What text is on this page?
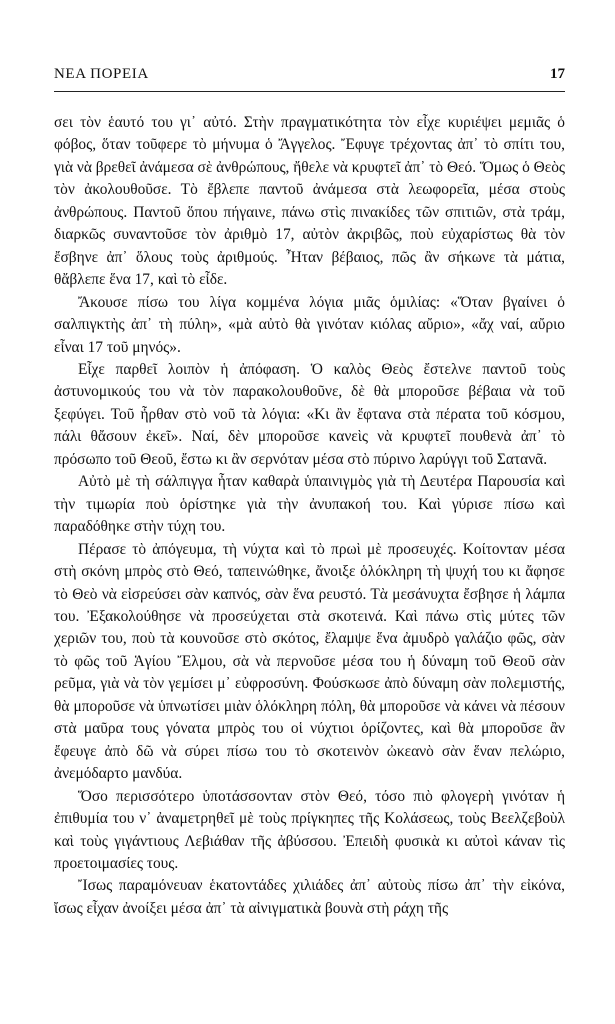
ΝΕΑ ΠΟΡΕΙΑ	17

σει τὸν ἑαυτό του γι᾽ αὐτό. Στὴν πραγματικότητα τὸν εἶχε κυριέψει μεμιᾶς ὁ φόβος, ὅταν τοῦφερε τὸ μήνυμα ὁ Ἄγγελος. Ἔφυγε τρέχοντας ἀπ᾽ τὸ σπίτι του, γιὰ νὰ βρεθεῖ ἀνάμεσα σὲ ἀνθρώπους, ἤθελε νὰ κρυφτεῖ ἀπ᾽ τὸ Θεό. Ὅμως ὁ Θεὸς τὸν ἀκολουθοῦσε. Τὸ ἔβλεπε παντοῦ ἀνάμεσα στὰ λεωφορεῖα, μέσα στοὺς ἀνθρώπους. Παντοῦ ὅπου πήγαινε, πάνω στὶς πινακίδες τῶν σπιτιῶν, στὰ τράμ, διαρκῶς συναντοῦσε τὸν ἀριθμὸ 17, αὐτὸν ἀκριβῶς, ποὺ εὐχαρίστως θὰ τὸν ἔσβηνε ἀπ᾽ ὅλους τοὺς ἀριθμούς. Ἦταν βέβαιος, πῶς ἂν σήκωνε τὰ μάτια, θἄβλεπε ἕνα 17, καὶ τὸ εἶδε.

Ἄκουσε πίσω του λίγα κομμένα λόγια μιᾶς ὁμιλίας: «Ὅταν βγαίνει ὁ σαλπιγκτὴς ἀπ᾽ τὴ πύλη», «μὰ αὐτὸ θὰ γινόταν κιόλας αὔριο», «ἄχ ναί, αὔριο εἶναι 17 τοῦ μηνός».

Εἶχε παρθεῖ λοιπὸν ἡ ἀπόφαση. Ὁ καλὸς Θεὸς ἔστελνε παντοῦ τοὺς ἀστυνομικούς του νὰ τὸν παρακολουθοῦνε, δὲ θὰ μποροῦσε βέβαια νὰ τοῦ ξεφύγει. Τοῦ ἦρθαν στὸ νοῦ τὰ λόγια: «Κι ἂν ἔφτανα στὰ πέρατα τοῦ κόσμου, πάλι θἄσουν ἐκεῖ». Ναί, δὲν μποροῦσε κανεὶς νὰ κρυφτεῖ πουθενὰ ἀπ᾽ τὸ πρόσωπο τοῦ Θεοῦ, ἔστω κι ἂν σερνόταν μέσα στὸ πύρινο λαρύγγι τοῦ Σατανᾶ.

Αὐτὸ μὲ τὴ σάλπιγγα ἦταν καθαρὰ ὑπαινιγμὸς γιὰ τὴ Δευτέρα Παρουσία καὶ τὴν τιμωρία ποὺ ὁρίστηκε γιὰ τὴν ἀνυπακοή του. Καὶ γύρισε πίσω καὶ παραδόθηκε στὴν τύχη του.

Πέρασε τὸ ἀπόγευμα, τὴ νύχτα καὶ τὸ πρωὶ μὲ προσευχές. Κοίτονταν μέσα στὴ σκόνη μπρὸς στὸ Θεό, ταπεινώθηκε, ἄνοιξε ὁλόκληρη τὴ ψυχή του κι ἄφησε τὸ Θεὸ νὰ εἰσρεύσει σὰν καπνός, σὰν ἕνα ρευστό. Τὰ μεσάνυχτα ἔσβησε ἡ λάμπα του. Ἐξακολούθησε νὰ προσεύχεται στὰ σκοτεινά. Καὶ πάνω στὶς μύτες τῶν χεριῶν του, ποὺ τὰ κουνοῦσε στὸ σκότος, ἔλαμψε ἕνα ἀμυδρὸ γαλάζιο φῶς, σὰν τὸ φῶς τοῦ Ἁγίου Ἔλμου, σὰ νὰ περνοῦσε μέσα του ἡ δύναμη τοῦ Θεοῦ σὰν ρεῦμα, γιὰ νὰ τὸν γεμίσει μ᾽ εὐφροσύνη. Φούσκωσε ἀπὸ δύναμη σὰν πολεμιστής, θὰ μποροῦσε νὰ ὑπνωτίσει μιὰν ὁλόκληρη πόλη, θὰ μποροῦσε νὰ κάνει νὰ πέσουν στὰ μαῦρα τους γόνατα μπρὸς του οἱ νύχτιοι ὁρίζοντες, καὶ θὰ μποροῦσε ἂν ἔφευγε ἀπὸ δῶ νὰ σύρει πίσω του τὸ σκοτεινὸν ὠκεανὸ σὰν ἕναν πελώριο, ἀνεμόδαρτο μανδύα.

Ὅσο περισσότερο ὑποτάσσονταν στὸν Θεό, τόσο πιὸ φλογερὴ γινόταν ἡ ἐπιθυμία του ν᾽ ἀναμετρηθεῖ μὲ τοὺς πρίγκηπες τῆς Κολάσεως, τοὺς Βεελζεβοὺλ καὶ τοὺς γιγάντιους Λεβιάθαν τῆς ἀβύσσου. Ἐπειδὴ φυσικὰ κι αὐτοὶ κάναν τὶς προετοιμασίες τους.

Ἴσως παραμόνευαν ἑκατοντάδες χιλιάδες ἀπ᾽ αὐτοὺς πίσω ἀπ᾽ τὴν εἰκόνα, ἴσως εἶχαν ἀνοίξει μέσα ἀπ᾽ τὰ αἰνιγματικὰ βουνὰ στὴ ράχη τῆς
